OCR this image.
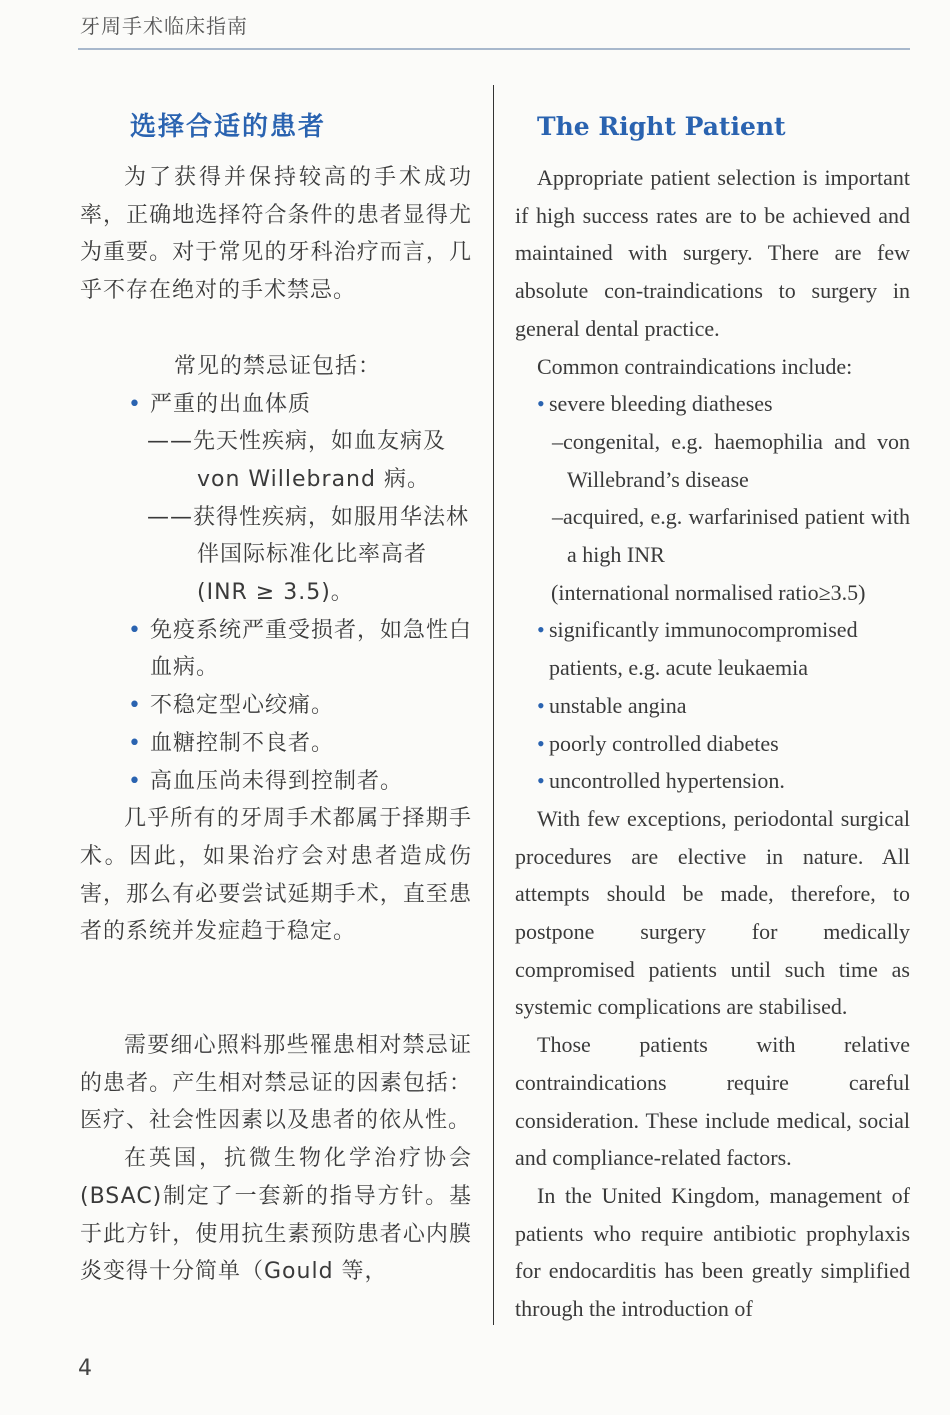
牙周手术临床指南
选择合适的患者

为了获得并保持较高的手术成功率，正确地选择符合条件的患者显得尤为重要。对于常见的牙科治疗而言，几乎不存在绝对的手术禁忌。

常见的禁忌证包括：

• 严重的出血体质
——先天性疾病，如血友病及von Willebrand 病。
——获得性疾病，如服用华法林伴国际标准化比率高者(INR ≥ 3.5)。
• 免疫系统严重受损者，如急性白血病。
• 不稳定型心绞痛。
• 血糖控制不良者。
• 高血压尚未得到控制者。

几乎所有的牙周手术都属于择期手术。因此，如果治疗会对患者造成伤害，那么有必要尝试延期手术，直至患者的系统并发症趋于稳定。

需要细心照料那些罹患相对禁忌证的患者。产生相对禁忌证的因素包括：医疗、社会性因素以及患者的依从性。

在英国，抗微生物化学治疗协会(BSAC)制定了一套新的指导方针。基于此方针，使用抗生素预防患者心内膜炎变得十分简单（Gould 等，

The Right Patient

Appropriate patient selection is important if high success rates are to be achieved and maintained with surgery. There are few absolute con-traindications to surgery in general dental practice.

Common contraindications include:

• severe bleeding diatheses
–congenital, e.g. haemophilia and von Willebrand’s disease
–acquired, e.g. warfarinised patient with a high INR
(international normalised ratio≥3.5)
• significantly immunocompromised patients, e.g. acute leukaemia
• unstable angina
• poorly controlled diabetes
• uncontrolled hypertension.

With few exceptions, periodontal surgical procedures are elective in nature. All attempts should be made, therefore, to postpone surgery for medically compromised patients until such time as systemic complications are stabilised.

Those patients with relative contraindications require careful consideration. These include medical, social and compliance-related factors.

In the United Kingdom, management of patients who require antibiotic prophylaxis for endocarditis has been greatly simplified through the introduction of

4
